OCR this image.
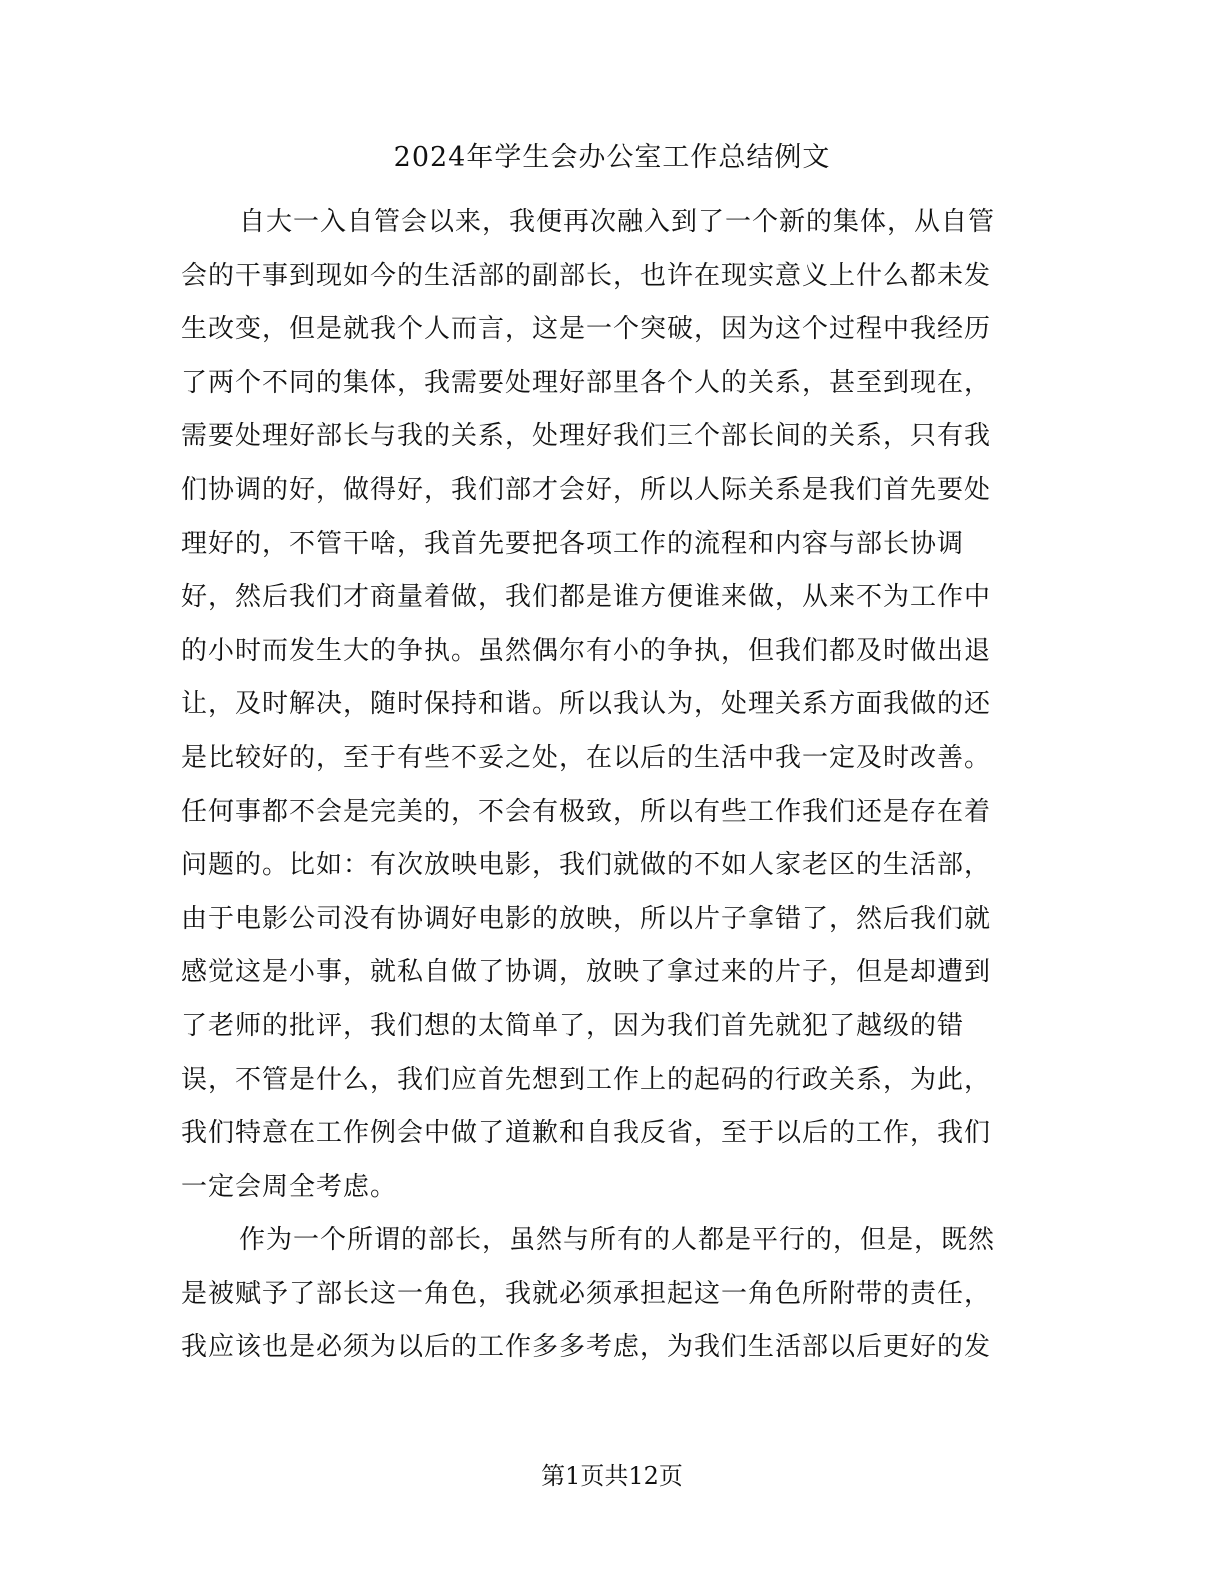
2024年学生会办公室工作总结例文

自大一入自管会以来，我便再次融入到了一个新的集体，从自管
会的干事到现如今的生活部的副部长，也许在现实意义上什么都未发
生改变，但是就我个人而言，这是一个突破，因为这个过程中我经历
了两个不同的集体，我需要处理好部里各个人的关系，甚至到现在，
需要处理好部长与我的关系，处理好我们三个部长间的关系，只有我
们协调的好，做得好，我们部才会好，所以人际关系是我们首先要处
理好的，不管干啥，我首先要把各项工作的流程和内容与部长协调
好，然后我们才商量着做，我们都是谁方便谁来做，从来不为工作中
的小时而发生大的争执。虽然偶尔有小的争执，但我们都及时做出退
让，及时解决，随时保持和谐。所以我认为，处理关系方面我做的还
是比较好的，至于有些不妥之处，在以后的生活中我一定及时改善。
任何事都不会是完美的，不会有极致，所以有些工作我们还是存在着
问题的。比如：有次放映电影，我们就做的不如人家老区的生活部，
由于电影公司没有协调好电影的放映，所以片子拿错了，然后我们就
感觉这是小事，就私自做了协调，放映了拿过来的片子，但是却遭到
了老师的批评，我们想的太简单了，因为我们首先就犯了越级的错
误，不管是什么，我们应首先想到工作上的起码的行政关系，为此，
我们特意在工作例会中做了道歉和自我反省，至于以后的工作，我们
一定会周全考虑。

作为一个所谓的部长，虽然与所有的人都是平行的，但是，既然
是被赋予了部长这一角色，我就必须承担起这一角色所附带的责任，
我应该也是必须为以后的工作多多考虑，为我们生活部以后更好的发

第1页共12页
